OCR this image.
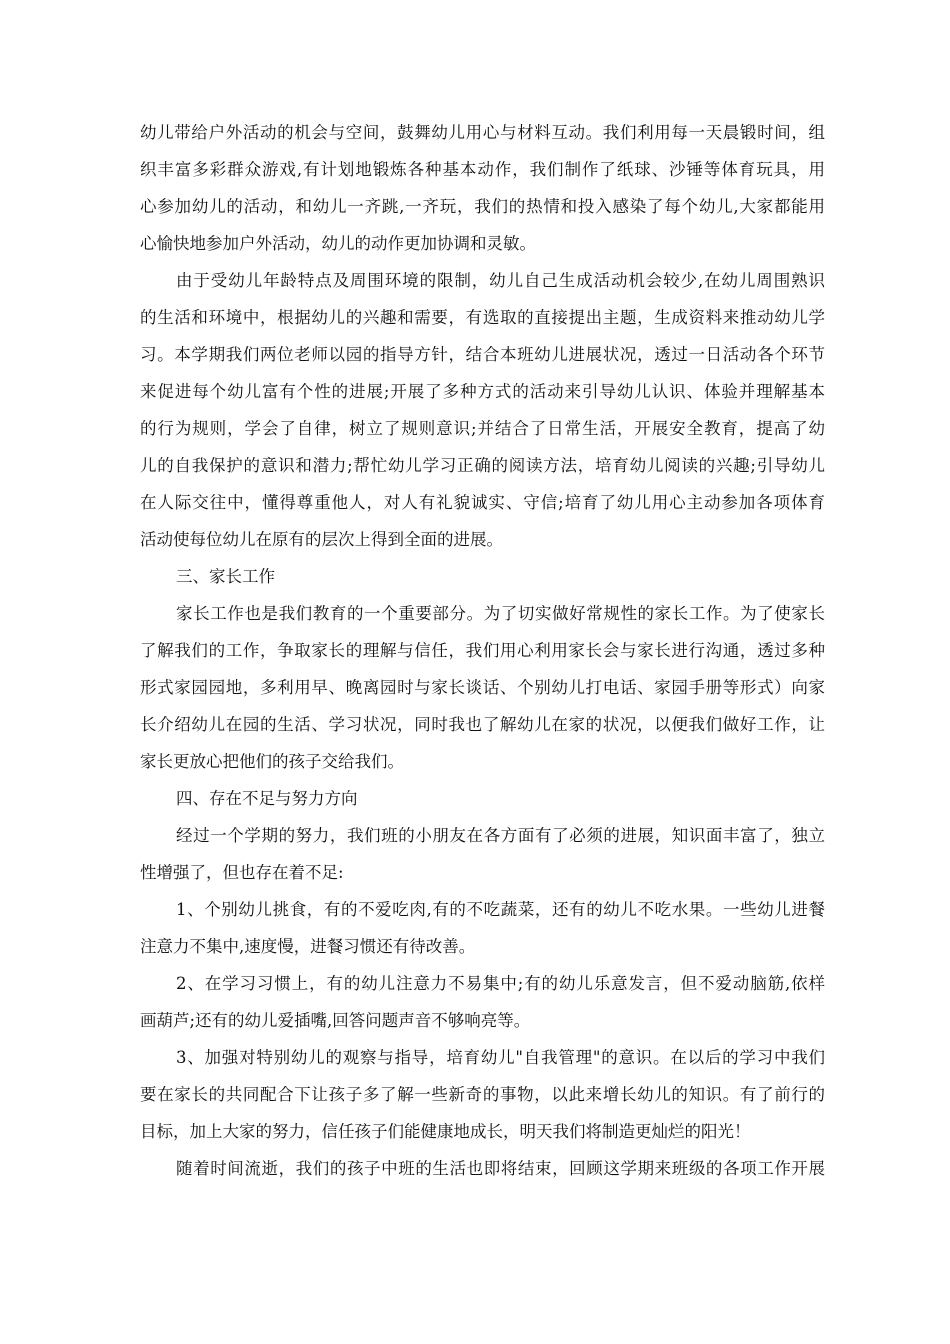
幼儿带给户外活动的机会与空间，鼓舞幼儿用心与材料互动。我们利用每一天晨锻时间，组
织丰富多彩群众游戏,有计划地锻炼各种基本动作，我们制作了纸球、沙锤等体育玩具，用
心参加幼儿的活动，和幼儿一齐跳,一齐玩，我们的热情和投入感染了每个幼儿,大家都能用
心愉快地参加户外活动，幼儿的动作更加协调和灵敏。
由于受幼儿年龄特点及周围环境的限制，幼儿自己生成活动机会较少,在幼儿周围熟识
的生活和环境中，根据幼儿的兴趣和需要，有选取的直接提出主题，生成资料来推动幼儿学
习。本学期我们两位老师以园的指导方针，结合本班幼儿进展状况，透过一日活动各个环节
来促进每个幼儿富有个性的进展;开展了多种方式的活动来引导幼儿认识、体验并理解基本
的行为规则，学会了自律，树立了规则意识;并结合了日常生活，开展安全教育，提高了幼
儿的自我保护的意识和潜力;帮忙幼儿学习正确的阅读方法，培育幼儿阅读的兴趣;引导幼儿
在人际交往中，懂得尊重他人，对人有礼貌诚实、守信;培育了幼儿用心主动参加各项体育
活动使每位幼儿在原有的层次上得到全面的进展。
三、家长工作
家长工作也是我们教育的一个重要部分。为了切实做好常规性的家长工作。为了使家长
了解我们的工作，争取家长的理解与信任，我们用心利用家长会与家长进行沟通，透过多种
形式家园园地，多利用早、晚离园时与家长谈话、个别幼儿打电话、家园手册等形式）向家
长介绍幼儿在园的生活、学习状况，同时我也了解幼儿在家的状况，以便我们做好工作，让
家长更放心把他们的孩子交给我们。
四、存在不足与努力方向
经过一个学期的努力，我们班的小朋友在各方面有了必须的进展，知识面丰富了，独立
性增强了，但也存在着不足:
1、个别幼儿挑食，有的不爱吃肉,有的不吃蔬菜，还有的幼儿不吃水果。一些幼儿进餐
注意力不集中,速度慢，进餐习惯还有待改善。
2、在学习习惯上，有的幼儿注意力不易集中;有的幼儿乐意发言，但不爱动脑筋,依样
画葫芦;还有的幼儿爱插嘴,回答问题声音不够响亮等。
3、加强对特别幼儿的观察与指导，培育幼儿"自我管理"的意识。在以后的学习中我们
要在家长的共同配合下让孩子多了解一些新奇的事物，以此来增长幼儿的知识。有了前行的
目标，加上大家的努力，信任孩子们能健康地成长，明天我们将制造更灿烂的阳光！
随着时间流逝，我们的孩子中班的生活也即将结束，回顾这学期来班级的各项工作开展
